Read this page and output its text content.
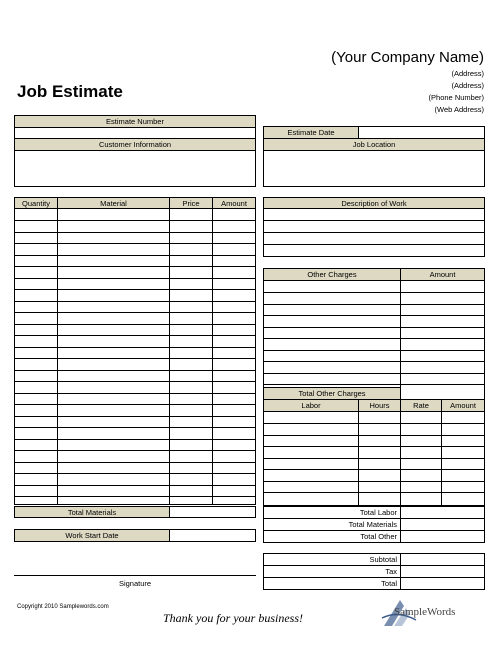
(Your Company Name)
(Address)
(Address)
(Phone Number)
(Web Address)
Job Estimate
Estimate Number
Estimate Date
Customer Information	Job Location
Quantity	Material	Price	Amount
Total Materials
Work Start Date
Signature
Description of Work
Other Charges	Amount
Total Other Charges
Labor	Hours	Rate	Amount
Total Labor
Total Materials
Total Other
Subtotal
Tax
Total
Copyright 2010 Samplewords.com
Thank you for your business!	SampleWords
